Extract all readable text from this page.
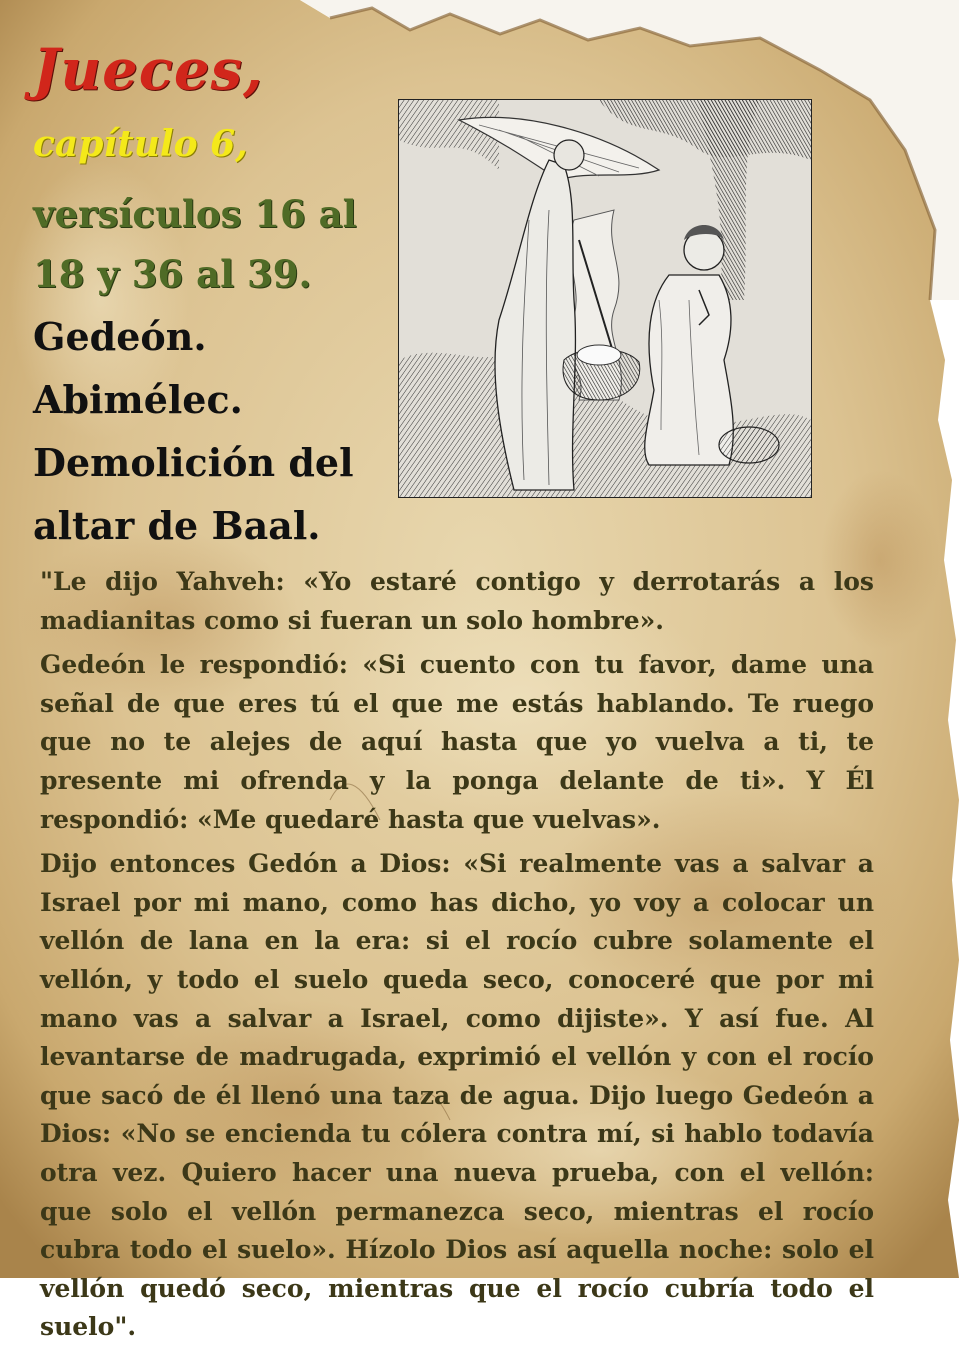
Jueces,
capítulo 6,
versículos 16 al
18 y 36 al 39.
Gedeón.
Abimélec.
Demolición del
altar de Baal.

"Le dijo Yahveh: «Yo estaré contigo y derrotarás a los madianitas como si fueran un solo hombre».

Gedeón le respondió: «Si cuento con tu favor, dame una señal de que eres tú el que me estás hablando. Te ruego que no te alejes de aquí hasta que yo vuelva a ti, te presente mi ofrenda y la ponga delante de ti». Y Él respondió: «Me quedaré hasta que vuelvas».

Dijo entonces Gedón a Dios: «Si realmente vas a salvar a Israel por mi mano, como has dicho, yo voy a colocar un vellón de lana en la era: si el rocío cubre solamente el vellón, y todo el suelo queda seco, conoceré que por mi mano vas a salvar a Israel, como dijiste». Y así fue. Al levantarse de madrugada, exprimió el vellón y con el rocío que sacó de él llenó una taza de agua. Dijo luego Gedeón a Dios: «No se encienda tu cólera contra mí, si hablo todavía otra vez. Quiero hacer una nueva prueba, con el vellón: que solo el vellón permanezca seco, mientras el rocío cubra todo el suelo». Hízolo Dios así aquella noche: solo el vellón quedó seco, mientras que el rocío cubría todo el suelo".
